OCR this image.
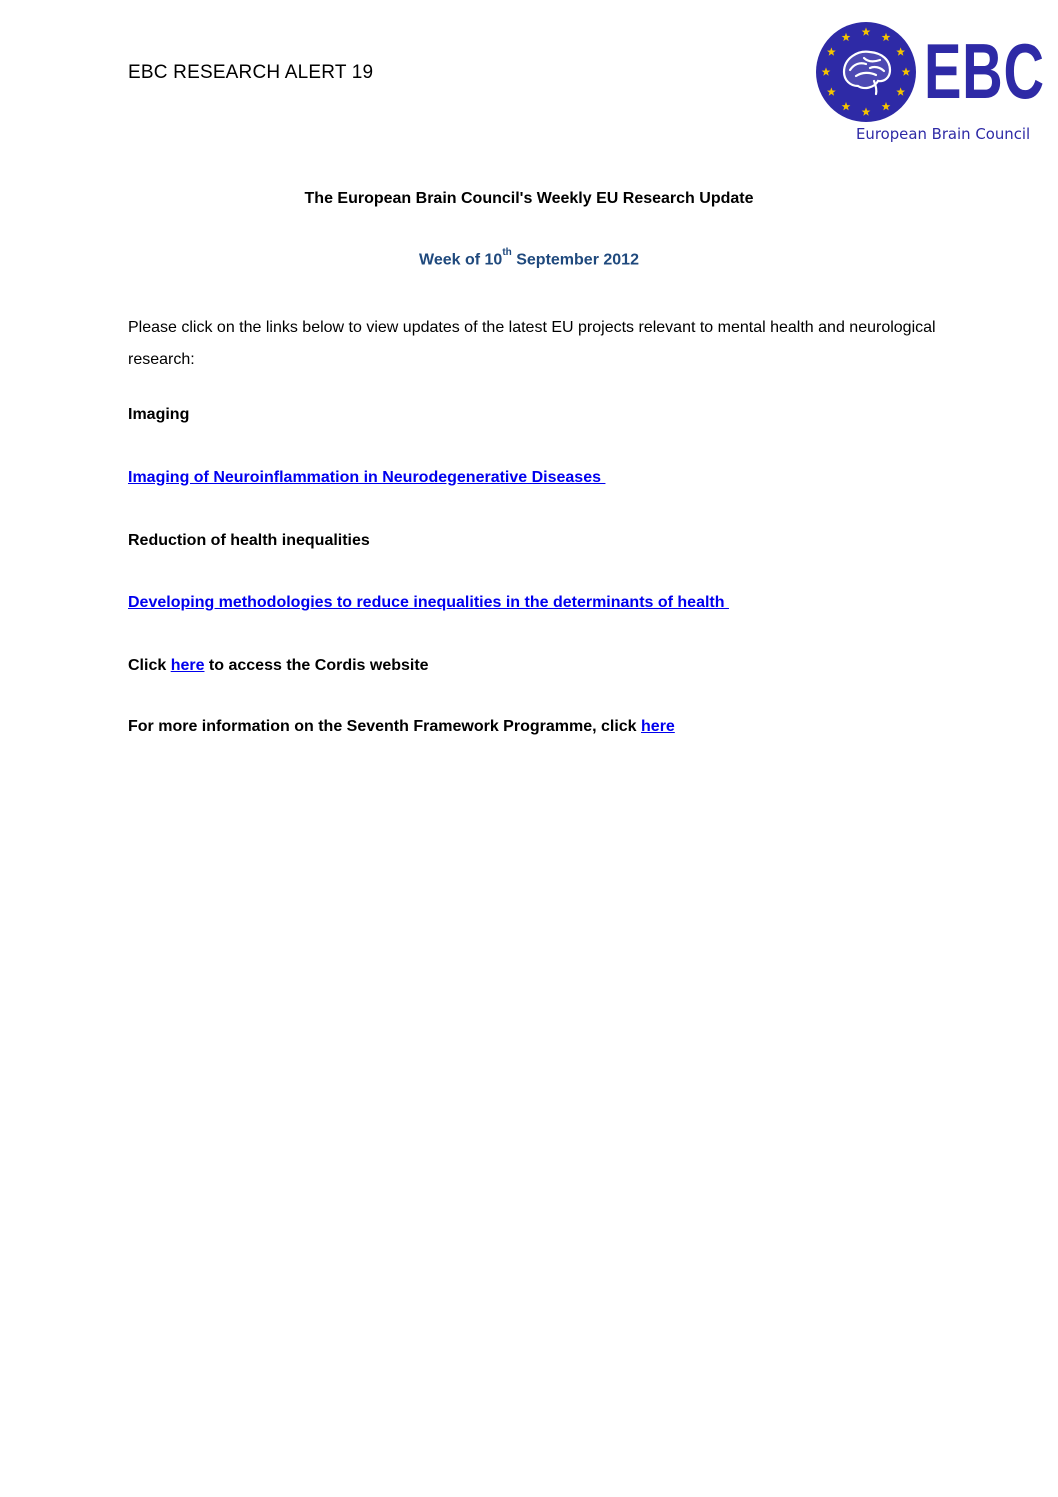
EBC RESEARCH ALERT 19	EBC
European Brain Council
The European Brain Council's Weekly EU Research Update
Week of 10th September 2012

Please click on the links below to view updates of the latest EU projects relevant to mental health and neurological research:

Imaging
Imaging of Neuroinflammation in Neurodegenerative Diseases
Reduction of health inequalities
Developing methodologies to reduce inequalities in the determinants of health
Click here to access the Cordis website
For more information on the Seventh Framework Programme, click here
